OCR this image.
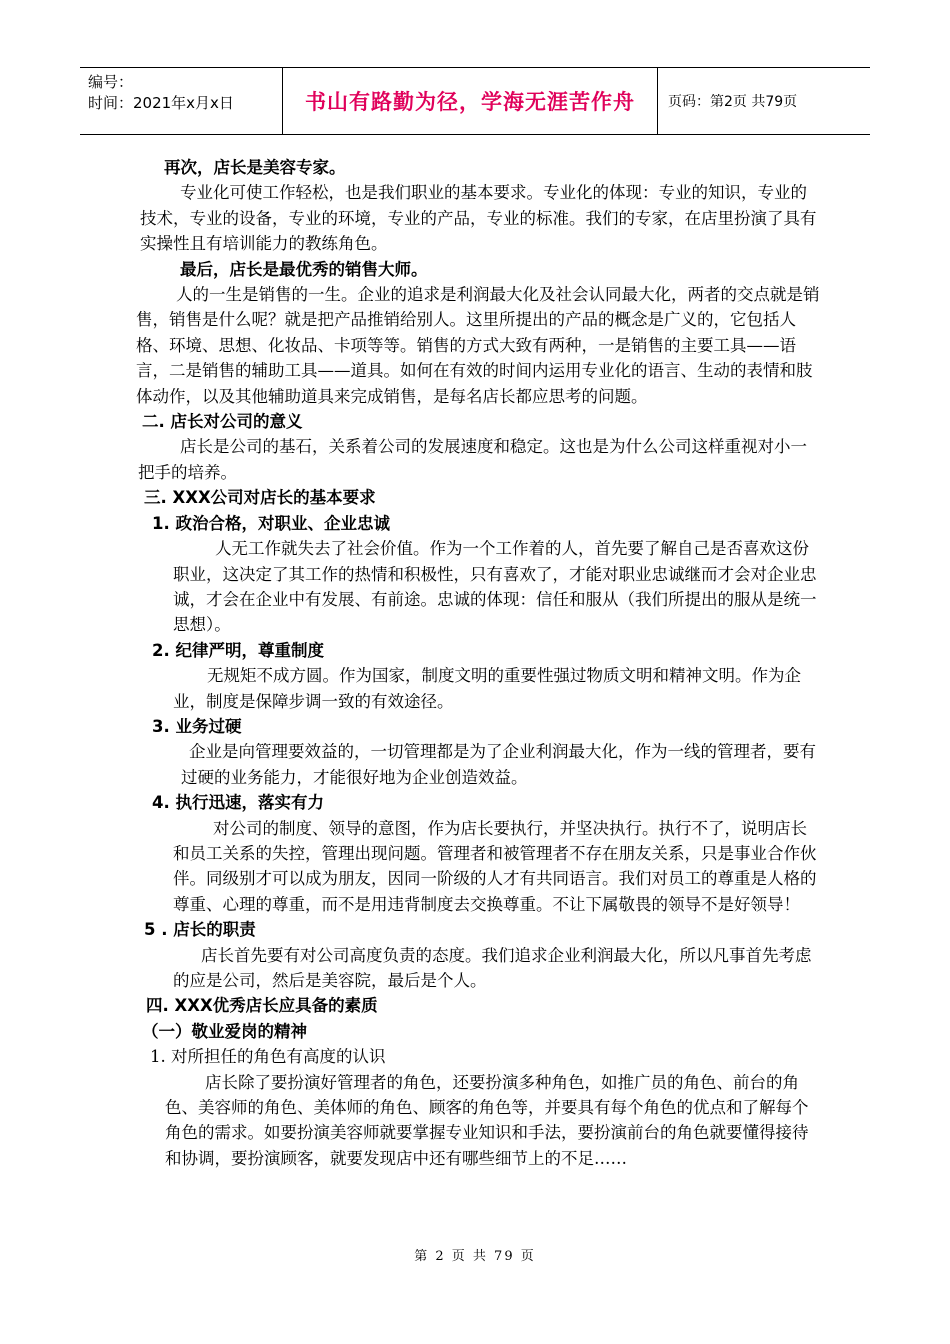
编号：
时间：2021年x月x日	书山有路勤为径，学海无涯苦作舟	页码：第2页 共79页

再次，店长是美容专家。

专业化可使工作轻松，也是我们职业的基本要求。专业化的体现：专业的知识，专业的技术，专业的设备，专业的环境，专业的产品，专业的标准。我们的专家，在店里扮演了具有实操性且有培训能力的教练角色。

最后，店长是最优秀的销售大师。

人的一生是销售的一生。企业的追求是利润最大化及社会认同最大化，两者的交点就是销售，销售是什么呢？就是把产品推销给别人。这里所提出的产品的概念是广义的，它包括人格、环境、思想、化妆品、卡项等等。销售的方式大致有两种，一是销售的主要工具——语言，二是销售的辅助工具——道具。如何在有效的时间内运用专业化的语言、生动的表情和肢体动作，以及其他辅助道具来完成销售，是每名店长都应思考的问题。

二. 店长对公司的意义

店长是公司的基石，关系着公司的发展速度和稳定。这也是为什么公司这样重视对小一把手的培养。

三. XXX公司对店长的基本要求

1. 政治合格，对职业、企业忠诚

人无工作就失去了社会价值。作为一个工作着的人，首先要了解自己是否喜欢这份职业，这决定了其工作的热情和积极性，只有喜欢了，才能对职业忠诚继而才会对企业忠诚，才会在企业中有发展、有前途。忠诚的体现：信任和服从（我们所提出的服从是统一思想）。

2. 纪律严明，尊重制度

无规矩不成方圆。作为国家，制度文明的重要性强过物质文明和精神文明。作为企业，制度是保障步调一致的有效途径。

3. 业务过硬

企业是向管理要效益的，一切管理都是为了企业利润最大化，作为一线的管理者，要有过硬的业务能力，才能很好地为企业创造效益。

4. 执行迅速，落实有力

对公司的制度、领导的意图，作为店长要执行，并坚决执行。执行不了，说明店长和员工关系的失控，管理出现问题。管理者和被管理者不存在朋友关系，只是事业合作伙伴。同级别才可以成为朋友，因同一阶级的人才有共同语言。我们对员工的尊重是人格的尊重、心理的尊重，而不是用违背制度去交换尊重。不让下属敬畏的领导不是好领导！

5 . 店长的职责

店长首先要有对公司高度负责的态度。我们追求企业利润最大化，所以凡事首先考虑的应是公司，然后是美容院，最后是个人。

四. XXX优秀店长应具备的素质

（一）敬业爱岗的精神

1. 对所担任的角色有高度的认识

店长除了要扮演好管理者的角色，还要扮演多种角色，如推广员的角色、前台的角色、美容师的角色、美体师的角色、顾客的角色等，并要具有每个角色的优点和了解每个角色的需求。如要扮演美容师就要掌握专业知识和手法，要扮演前台的角色就要懂得接待和协调，要扮演顾客，就要发现店中还有哪些细节上的不足……

第 2 页 共 79 页
